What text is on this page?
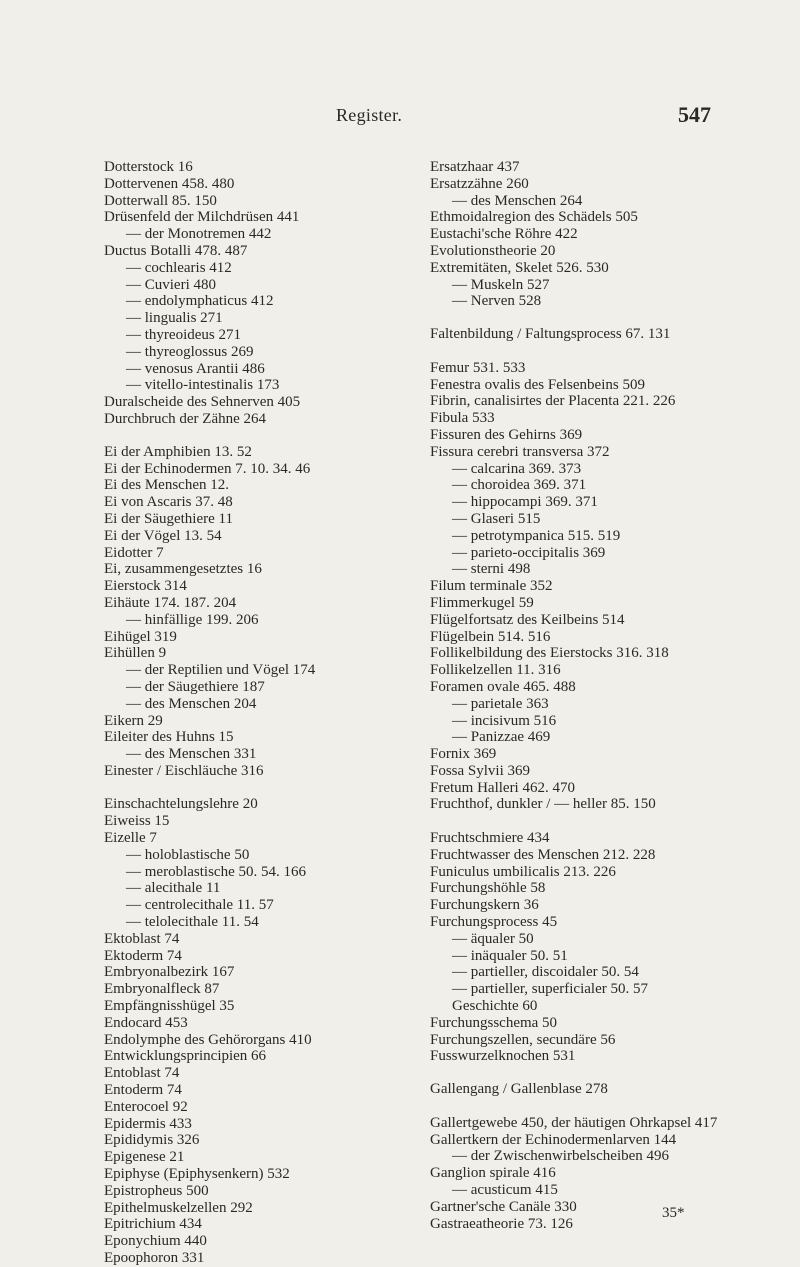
Register.	547
Dotterstock 16
Dottervenen 458. 480
Dotterwall 85. 150
Drüsenfeld der Milchdrüsen 441
— der Monotremen 442
Ductus Botalli 478. 487
— cochlearis 412
— Cuvieri 480
— endolymphaticus 412
— lingualis 271
— thyreoideus 271
— thyreoglossus 269
— venosus Arantii 486
— vitello-intestinalis 173
Duralscheide des Sehnerven 405
Durchbruch der Zähne 264
Ei der Amphibien 13. 52
Ei der Echinodermen 7. 10. 34. 46
Ei des Menschen 12.
Ei von Ascaris 37. 48
Ei der Säugethiere 11
Ei der Vögel 13. 54
Eidotter 7
Ei, zusammengesetztes 16
Eierstock 314
Eihäute 174. 187. 204
— hinfällige 199. 206
Eihügel 319
Eihüllen 9
— der Reptilien und Vögel 174
— der Säugethiere 187
— des Menschen 204
Eikern 29
Eileiter des Huhns 15
— des Menschen 331
Einester / Eischläuche 316
Einschachtelungslehre 20
Eiweiss 15
Eizelle 7
— holoblastische 50
— meroblastische 50. 54. 166
— alecithale 11
— centrolecithale 11. 57
— telolecithale 11. 54
Ektoblast 74
Ektoderm 74
Embryonalbezirk 167
Embryonalfleck 87
Empfängnisshügel 35
Endocard 453
Endolymphe des Gehörorgans 410
Entwicklungsprincipien 66
Entoblast 74
Entoderm 74
Enterocoel 92
Epidermis 433
Epididymis 326
Epigenese 21
Epiphyse (Epiphysenkern) 532
Epistropheus 500
Epithelmuskelzellen 292
Epitrichium 434
Eponychium 440
Epoophoron 331
Ersatzhaar 437
Ersatzzähne 260
— des Menschen 264
Ethmoidalregion des Schädels 505
Eustachi'sche Röhre 422
Evolutionstheorie 20
Extremitäten, Skelet 526. 530
— Muskeln 527
— Nerven 528
Faltenbildung / Faltungsprocess 67. 131
Femur 531. 533
Fenestra ovalis des Felsenbeins 509
Fibrin, canalisirtes der Placenta 221. 226
Fibula 533
Fissuren des Gehirns 369
Fissura cerebri transversa 372
— calcarina 369. 373
— choroidea 369. 371
— hippocampi 369. 371
— Glaseri 515
— petrotympanica 515. 519
— parieto-occipitalis 369
— sterni 498
Filum terminale 352
Flimmerkugel 59
Flügelfortsatz des Keilbeins 514
Flügelbein 514. 516
Follikelbildung des Eierstocks 316. 318
Follikelzellen 11. 316
Foramen ovale 465. 488
— parietale 363
— incisivum 516
— Panizzae 469
Fornix 369
Fossa Sylvii 369
Fretum Halleri 462. 470
Fruchthof, dunkler / — heller 85. 150
Fruchtschmiere 434
Fruchtwasser des Menschen 212. 228
Funiculus umbilicalis 213. 226
Furchungshöhle 58
Furchungskern 36
Furchungsprocess 45
— äqualer 50
— inäqualer 50. 51
— partieller, discoidaler 50. 54
— partieller, superficialer 50. 57
Geschichte 60
Furchungsschema 50
Furchungszellen, secundäre 56
Fusswurzelknochen 531
Gallengang / Gallenblase 278
Gallertgewebe 450, der häutigen Ohrkapsel 417
Gallertkern der Echinodermenlarven 144
— der Zwischenwirbelscheiben 496
Ganglion spirale 416
— acusticum 415
Gartner'sche Canäle 330
Gastraeatheorie 73. 126
35*
